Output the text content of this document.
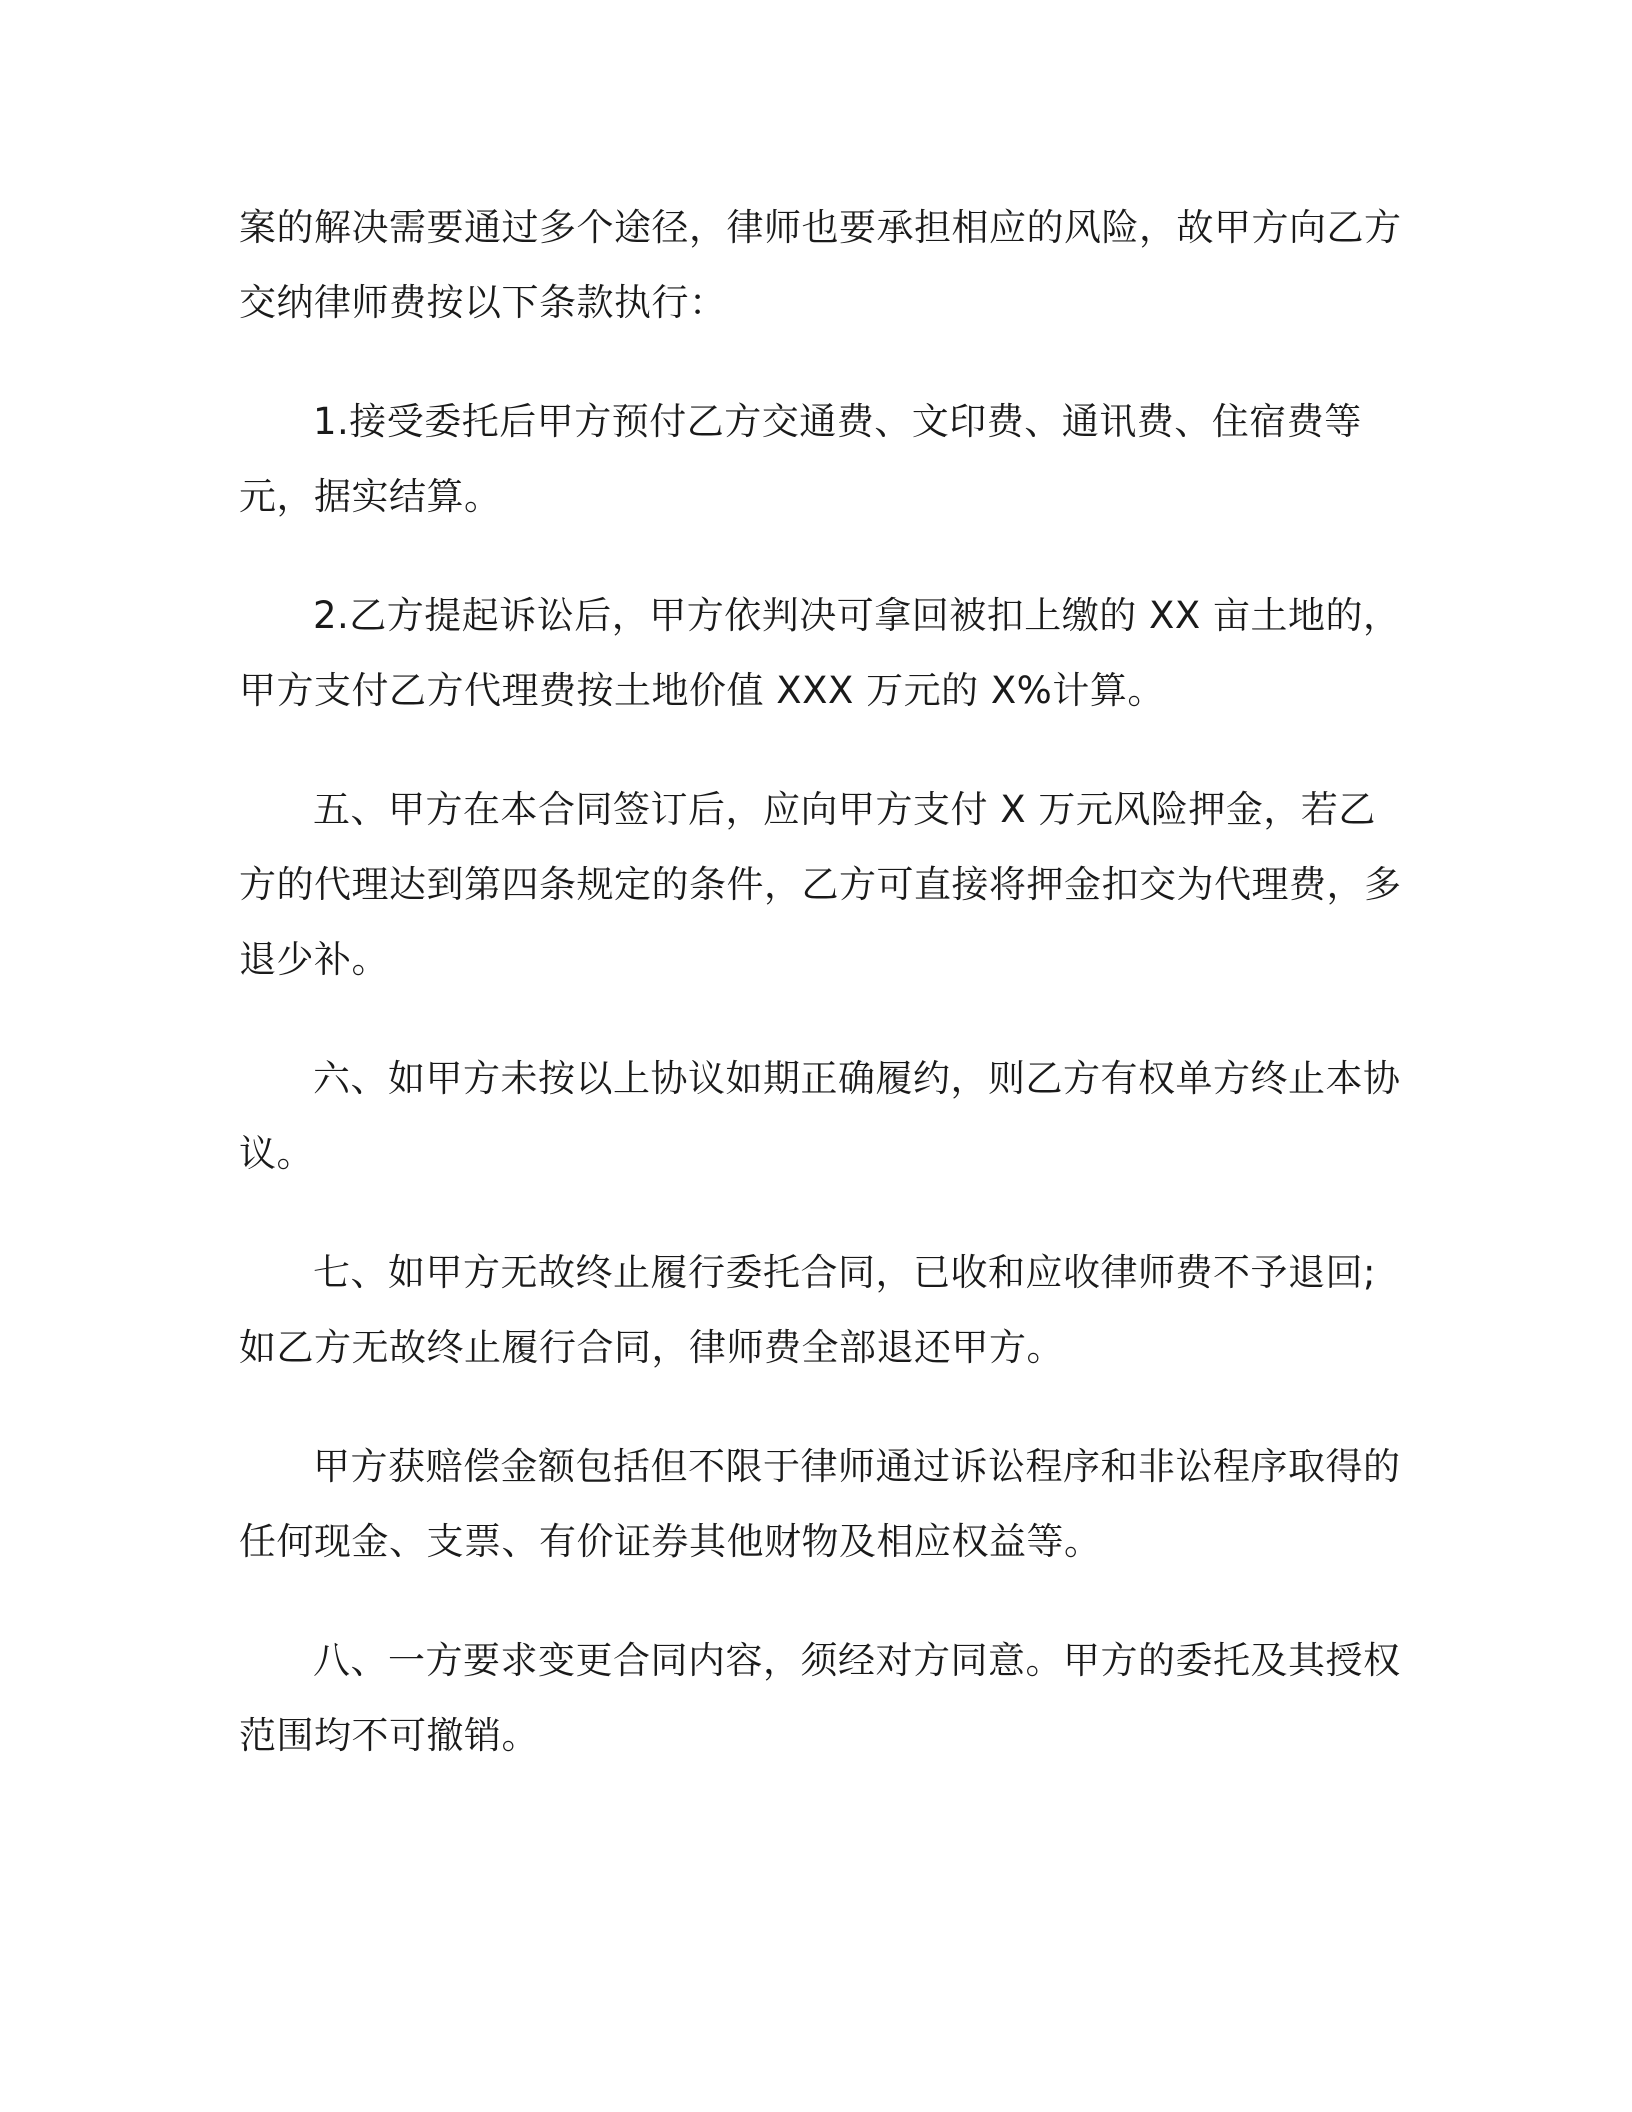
案的解决需要通过多个途径，律师也要承担相应的风险，故甲方向乙方交纳律师费按以下条款执行：

1.接受委托后甲方预付乙方交通费、文印费、通讯费、住宿费等元，据实结算。

2.乙方提起诉讼后，甲方依判决可拿回被扣上缴的 XX 亩土地的，甲方支付乙方代理费按土地价值 XXX 万元的 X%计算。

五、甲方在本合同签订后，应向甲方支付 X 万元风险押金，若乙方的代理达到第四条规定的条件，乙方可直接将押金扣交为代理费，多退少补。

六、如甲方未按以上协议如期正确履约，则乙方有权单方终止本协议。

七、如甲方无故终止履行委托合同，已收和应收律师费不予退回;如乙方无故终止履行合同，律师费全部退还甲方。

甲方获赔偿金额包括但不限于律师通过诉讼程序和非讼程序取得的任何现金、支票、有价证券其他财物及相应权益等。

八、一方要求变更合同内容，须经对方同意。甲方的委托及其授权范围均不可撤销。
